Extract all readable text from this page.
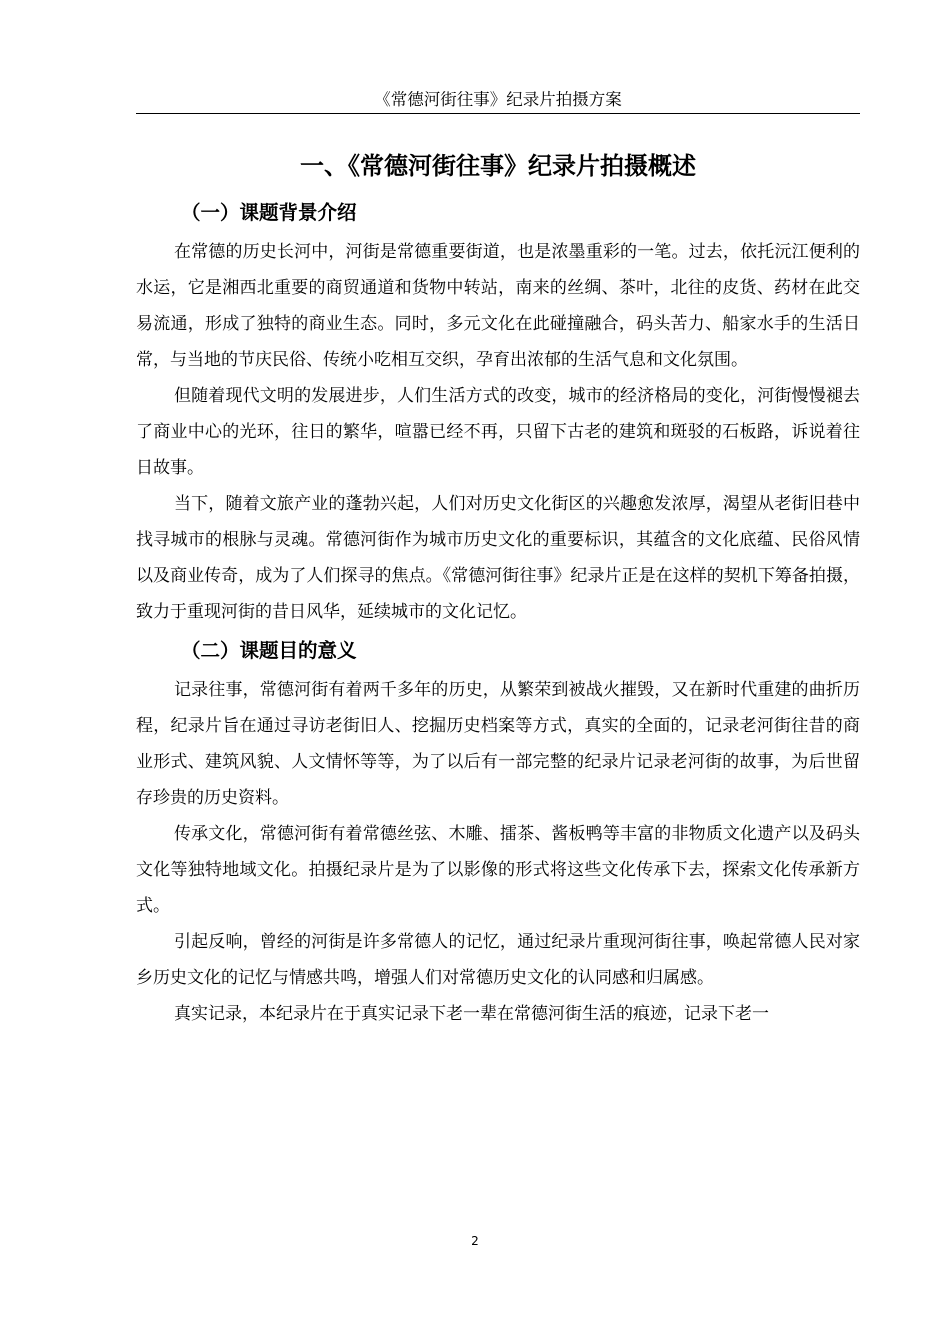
《常德河街往事》纪录片拍摄方案
一、《常德河街往事》纪录片拍摄概述
（一）课题背景介绍

在常德的历史长河中，河街是常德重要街道，也是浓墨重彩的一笔。过去，依托沅江便利的水运，它是湘西北重要的商贸通道和货物中转站，南来的丝绸、茶叶，北往的皮货、药材在此交易流通，形成了独特的商业生态。同时，多元文化在此碰撞融合，码头苦力、船家水手的生活日常，与当地的节庆民俗、传统小吃相互交织，孕育出浓郁的生活气息和文化氛围。

但随着现代文明的发展进步，人们生活方式的改变，城市的经济格局的变化，河街慢慢褪去了商业中心的光环，往日的繁华，喧嚣已经不再，只留下古老的建筑和斑驳的石板路，诉说着往日故事。

当下，随着文旅产业的蓬勃兴起，人们对历史文化街区的兴趣愈发浓厚，渴望从老街旧巷中找寻城市的根脉与灵魂。常德河街作为城市历史文化的重要标识，其蕴含的文化底蕴、民俗风情以及商业传奇，成为了人们探寻的焦点。《常德河街往事》纪录片正是在这样的契机下筹备拍摄，致力于重现河街的昔日风华，延续城市的文化记忆。

（二）课题目的意义

记录往事，常德河街有着两千多年的历史，从繁荣到被战火摧毁，又在新时代重建的曲折历程，纪录片旨在通过寻访老街旧人、挖掘历史档案等方式，真实的全面的，记录老河街往昔的商业形式、建筑风貌、人文情怀等等，为了以后有一部完整的纪录片记录老河街的故事，为后世留存珍贵的历史资料。

传承文化，常德河街有着常德丝弦、木雕、擂茶、酱板鸭等丰富的非物质文化遗产以及码头文化等独特地域文化。拍摄纪录片是为了以影像的形式将这些文化传承下去，探索文化传承新方式。

引起反响，曾经的河街是许多常德人的记忆，通过纪录片重现河街往事，唤起常德人民对家乡历史文化的记忆与情感共鸣，增强人们对常德历史文化的认同感和归属感。

真实记录，本纪录片在于真实记录下老一辈在常德河街生活的痕迹，记录下老一

2
